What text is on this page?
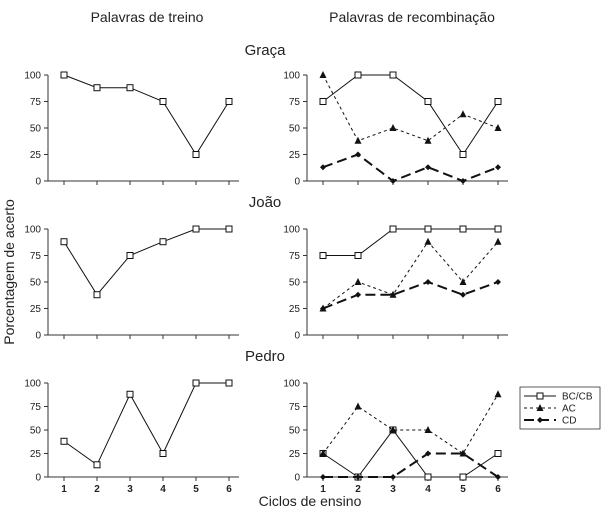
Palavras de treino	Palavras de recombinação
Ciclos de ensino
Porcentagem de acerto
0
25
50
75
100
Graça
0
25
50
75
100
0
25
50
75
100
João
0
25
50
75
100
0
25
50
75
100
1	2	3	4	5	6
Pedro
0
25
50
75
100
1	2	3	4	5	6
BC/CB
AC
CD
